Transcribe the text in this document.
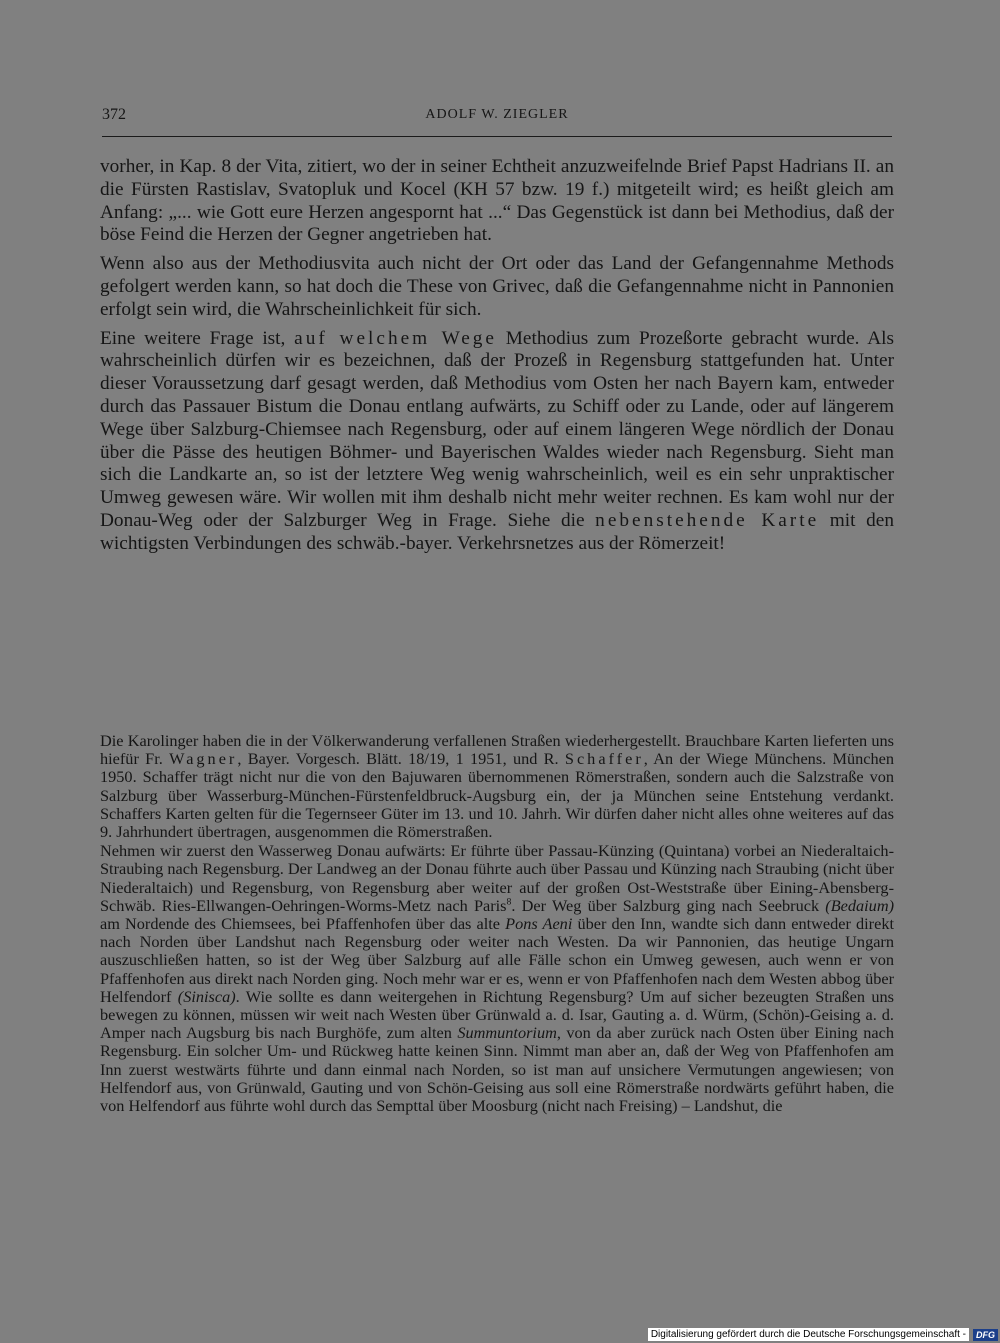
372	ADOLF W. ZIEGLER

vorher, in Kap. 8 der Vita, zitiert, wo der in seiner Echtheit anzuzweifelnde Brief Papst Hadrians II. an die Fürsten Rastislav, Svatopluk und Kocel (KH 57 bzw. 19 f.) mitgeteilt wird; es heißt gleich am Anfang: „... wie Gott eure Herzen angespornt hat ...“ Das Gegenstück ist dann bei Methodius, daß der böse Feind die Herzen der Gegner angetrieben hat.

Wenn also aus der Methodiusvita auch nicht der Ort oder das Land der Gefangennahme Methods gefolgert werden kann, so hat doch die These von Grivec, daß die Gefangennahme nicht in Pannonien erfolgt sein wird, die Wahrscheinlichkeit für sich.

Eine weitere Frage ist, auf welchem Wege Methodius zum Prozeßorte gebracht wurde. Als wahrscheinlich dürfen wir es bezeichnen, daß der Prozeß in Regensburg stattgefunden hat. Unter dieser Voraussetzung darf gesagt werden, daß Methodius vom Osten her nach Bayern kam, entweder durch das Passauer Bistum die Donau entlang aufwärts, zu Schiff oder zu Lande, oder auf längerem Wege über Salzburg-Chiemsee nach Regensburg, oder auf einem längeren Wege nördlich der Donau über die Pässe des heutigen Böhmer- und Bayerischen Waldes wieder nach Regensburg. Sieht man sich die Landkarte an, so ist der letztere Weg wenig wahrscheinlich, weil es ein sehr unpraktischer Umweg gewesen wäre. Wir wollen mit ihm deshalb nicht mehr weiter rechnen. Es kam wohl nur der Donau-Weg oder der Salzburger Weg in Frage. Siehe die nebenstehende Karte mit den wichtigsten Verbindungen des schwäb.-bayer. Verkehrsnetzes aus der Römerzeit!

Die Karolinger haben die in der Völkerwanderung verfallenen Straßen wiederhergestellt. Brauchbare Karten lieferten uns hiefür Fr. Wagner, Bayer. Vorgesch. Blätt. 18/19, 1 1951, und R. Schaffer, An der Wiege Münchens. München 1950. Schaffer trägt nicht nur die von den Bajuwaren übernommenen Römerstraßen, sondern auch die Salzstraße von Salzburg über Wasserburg-München-Fürstenfeldbruck-Augsburg ein, der ja München seine Entstehung verdankt. Schaffers Karten gelten für die Tegernseer Güter im 13. und 10. Jahrh. Wir dürfen daher nicht alles ohne weiteres auf das 9. Jahrhundert übertragen, ausgenommen die Römerstraßen.

Nehmen wir zuerst den Wasserweg Donau aufwärts: Er führte über Passau-Künzing (Quintana) vorbei an Niederaltaich-Straubing nach Regensburg. Der Landweg an der Donau führte auch über Passau und Künzing nach Straubing (nicht über Niederaltaich) und Regensburg, von Regensburg aber weiter auf der großen Ost-Weststraße über Eining-Abensberg-Schwäb. Ries-Ellwangen-Oehringen-Worms-Metz nach Paris$^8$. Der Weg über Salzburg ging nach Seebruck (Bedaium) am Nordende des Chiemsees, bei Pfaffenhofen über das alte Pons Aeni über den Inn, wandte sich dann entweder direkt nach Norden über Landshut nach Regensburg oder weiter nach Westen. Da wir Pannonien, das heutige Ungarn auszuschließen hatten, so ist der Weg über Salzburg auf alle Fälle schon ein Umweg gewesen, auch wenn er von Pfaffenhofen aus direkt nach Norden ging. Noch mehr war er es, wenn er von Pfaffenhofen nach dem Westen abbog über Helfendorf (Sinisca). Wie sollte es dann weitergehen in Richtung Regensburg? Um auf sicher bezeugten Straßen uns bewegen zu können, müssen wir weit nach Westen über Grünwald a. d. Isar, Gauting a. d. Würm, (Schön)-Geising a. d. Amper nach Augsburg bis nach Burghöfe, zum alten Summuntorium, von da aber zurück nach Osten über Eining nach Regensburg. Ein solcher Um- und Rückweg hatte keinen Sinn. Nimmt man aber an, daß der Weg von Pfaffenhofen am Inn zuerst westwärts führte und dann einmal nach Norden, so ist man auf unsichere Vermutungen angewiesen; von Helfendorf aus, von Grünwald, Gauting und von Schön-Geising aus soll eine Römerstraße nordwärts geführt haben, die von Helfendorf aus führte wohl durch das Sempttal über Moosburg (nicht nach Freising) – Landshut, die

Digitalisierung gefördert durch die Deutsche Forschungsgemeinschaft -	DFG
